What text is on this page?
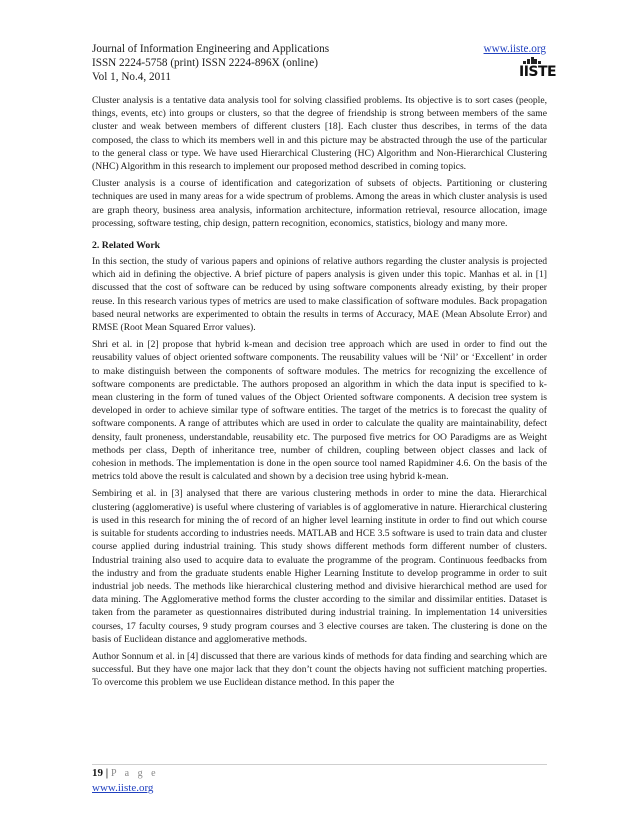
Journal of Information Engineering and Applications
ISSN 2224-5758 (print) ISSN 2224-896X (online)
Vol 1, No.4, 2011
www.iiste.org
IISTE

Cluster analysis is a tentative data analysis tool for solving classified problems. Its objective is to sort cases (people, things, events, etc) into groups or clusters, so that the degree of friendship is strong between members of the same cluster and weak between members of different clusters [18]. Each cluster thus describes, in terms of the data composed, the class to which its members well in and this picture may be abstracted through the use of the particular to the general class or type. We have used Hierarchical Clustering (HC) Algorithm and Non-Hierarchical Clustering (NHC) Algorithm in this research to implement our proposed method described in coming topics.

Cluster analysis is a course of identification and categorization of subsets of objects. Partitioning or clustering techniques are used in many areas for a wide spectrum of problems. Among the areas in which cluster analysis is used are graph theory, business area analysis, information architecture, information retrieval, resource allocation, image processing, software testing, chip design, pattern recognition, economics, statistics, biology and many more.

2. Related Work

In this section, the study of various papers and opinions of relative authors regarding the cluster analysis is projected which aid in defining the objective. A brief picture of papers analysis is given under this topic. Manhas et al. in [1] discussed that the cost of software can be reduced by using software components already existing, by their proper reuse. In this research various types of metrics are used to make classification of software modules. Back propagation based neural networks are experimented to obtain the results in terms of Accuracy, MAE (Mean Absolute Error) and RMSE (Root Mean Squared Error values).

Shri et al. in [2] propose that hybrid k-mean and decision tree approach which are used in order to find out the reusability values of object oriented software components. The reusability values will be ‘Nil’ or ‘Excellent’ in order to make distinguish between the components of software modules. The metrics for recognizing the excellence of software components are predictable. The authors proposed an algorithm in which the data input is specified to k-mean clustering in the form of tuned values of the Object Oriented software components. A decision tree system is developed in order to achieve similar type of software entities. The target of the metrics is to forecast the quality of software components. A range of attributes which are used in order to calculate the quality are maintainability, defect density, fault proneness, understandable, reusability etc. The purposed five metrics for OO Paradigms are as Weight methods per class, Depth of inheritance tree, number of children, coupling between object classes and lack of cohesion in methods. The implementation is done in the open source tool named Rapidminer 4.6. On the basis of the metrics told above the result is calculated and shown by a decision tree using hybrid k-mean.

Sembiring et al. in [3] analysed that there are various clustering methods in order to mine the data. Hierarchical clustering (agglomerative) is useful where clustering of variables is of agglomerative in nature. Hierarchical clustering is used in this research for mining the of record of an higher level learning institute in order to find out which course is suitable for students according to industries needs. MATLAB and HCE 3.5 software is used to train data and cluster course applied during industrial training. This study shows different methods form different number of clusters. Industrial training also used to acquire data to evaluate the programme of the program. Continuous feedbacks from the industry and from the graduate students enable Higher Learning Institute to develop programme in order to suit industrial job needs. The methods like hierarchical clustering method and divisive hierarchical method are used for data mining. The Agglomerative method forms the cluster according to the similar and dissimilar entities. Dataset is taken from the parameter as questionnaires distributed during industrial training. In implementation 14 universities courses, 17 faculty courses, 9 study program courses and 3 elective courses are taken. The clustering is done on the basis of Euclidean distance and agglomerative methods.

Author Sonnum et al. in [4] discussed that there are various kinds of methods for data finding and searching which are successful. But they have one major lack that they don’t count the objects having not sufficient matching properties. To overcome this problem we use Euclidean distance method. In this paper the

19 | P a g e
www.iiste.org
